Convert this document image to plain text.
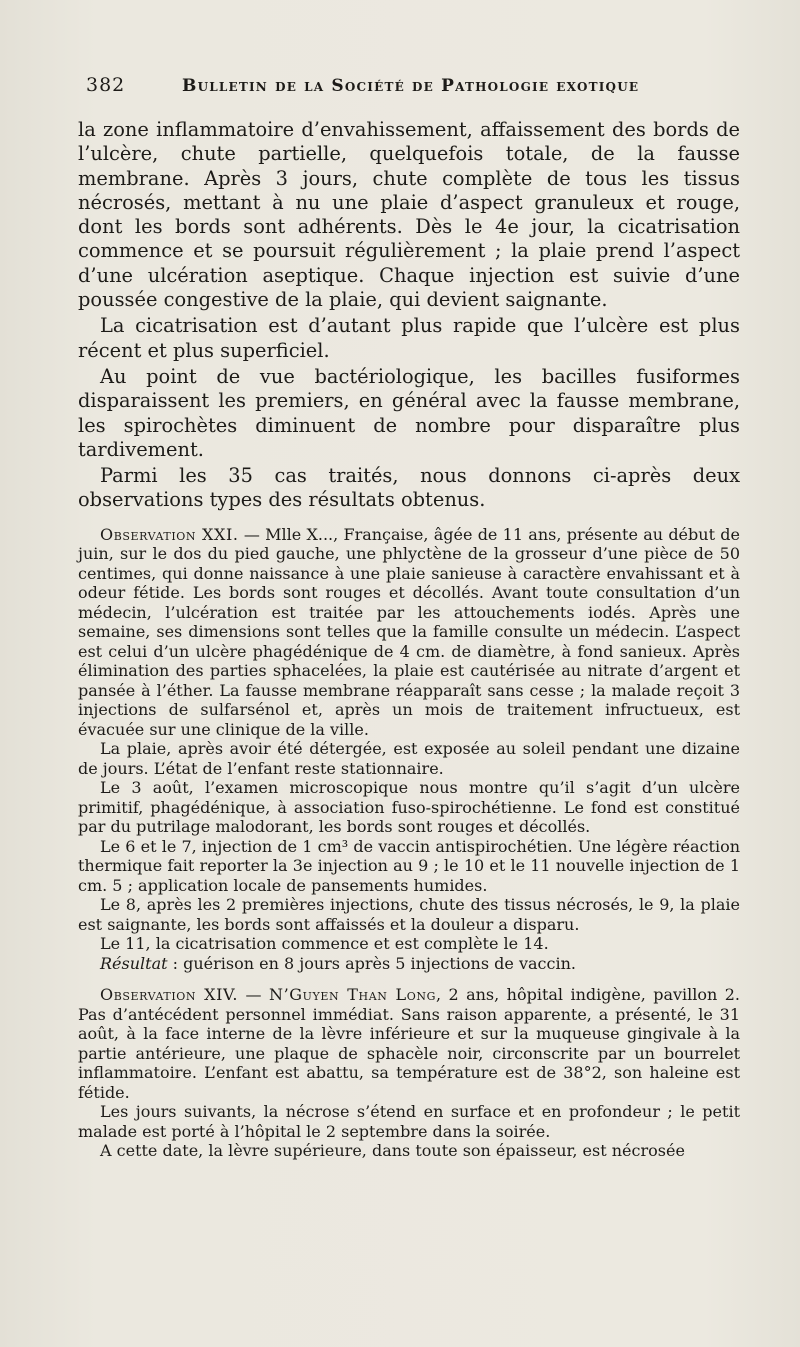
382	Bulletin de la Société de Pathologie exotique

la zone inflammatoire d’envahissement, affaissement des bords de l’ulcère, chute partielle, quelquefois totale, de la fausse membrane. Après 3 jours, chute complète de tous les tissus nécrosés, mettant à nu une plaie d’aspect granuleux et rouge, dont les bords sont adhérents. Dès le 4e jour, la cicatrisation commence et se poursuit régulièrement ; la plaie prend l’aspect d’une ulcération aseptique. Chaque injection est suivie d’une poussée congestive de la plaie, qui devient saignante.

La cicatrisation est d’autant plus rapide que l’ulcère est plus récent et plus superficiel.

Au point de vue bactériologique, les bacilles fusiformes disparaissent les premiers, en général avec la fausse membrane, les spirochètes diminuent de nombre pour disparaître plus tardivement.

Parmi les 35 cas traités, nous donnons ci-après deux observations types des résultats obtenus.

Observation XXI. — Mlle X..., Française, âgée de 11 ans, présente au début de juin, sur le dos du pied gauche, une phlyctène de la grosseur d’une pièce de 50 centimes, qui donne naissance à une plaie sanieuse à caractère envahissant et à odeur fétide. Les bords sont rouges et décollés. Avant toute consultation d’un médecin, l’ulcération est traitée par les attouchements iodés. Après une semaine, ses dimensions sont telles que la famille consulte un médecin. L’aspect est celui d’un ulcère phagédénique de 4 cm. de diamètre, à fond sanieux. Après élimination des parties sphacelées, la plaie est cautérisée au nitrate d’argent et pansée à l’éther. La fausse membrane réapparaît sans cesse ; la malade reçoit 3 injections de sulfarsénol et, après un mois de traitement infructueux, est évacuée sur une clinique de la ville.

La plaie, après avoir été détergée, est exposée au soleil pendant une dizaine de jours. L’état de l’enfant reste stationnaire.

Le 3 août, l’examen microscopique nous montre qu’il s’agit d’un ulcère primitif, phagédénique, à association fuso-spirochétienne. Le fond est constitué par du putrilage malodorant, les bords sont rouges et décollés.

Le 6 et le 7, injection de 1 cm³ de vaccin antispirochétien. Une légère réaction thermique fait reporter la 3e injection au 9 ; le 10 et le 11 nouvelle injection de 1 cm. 5 ; application locale de pansements humides.

Le 8, après les 2 premières injections, chute des tissus nécrosés, le 9, la plaie est saignante, les bords sont affaissés et la douleur a disparu.

Le 11, la cicatrisation commence et est complète le 14.

Résultat : guérison en 8 jours après 5 injections de vaccin.

Observation XIV. — N’Guyen Than Long, 2 ans, hôpital indigène, pavillon 2. Pas d’antécédent personnel immédiat. Sans raison apparente, a présenté, le 31 août, à la face interne de la lèvre inférieure et sur la muqueuse gingivale à la partie antérieure, une plaque de sphacèle noir, circonscrite par un bourrelet inflammatoire. L’enfant est abattu, sa température est de 38°2, son haleine est fétide.

Les jours suivants, la nécrose s’étend en surface et en profondeur ; le petit malade est porté à l’hôpital le 2 septembre dans la soirée.

A cette date, la lèvre supérieure, dans toute son épaisseur, est nécrosée
